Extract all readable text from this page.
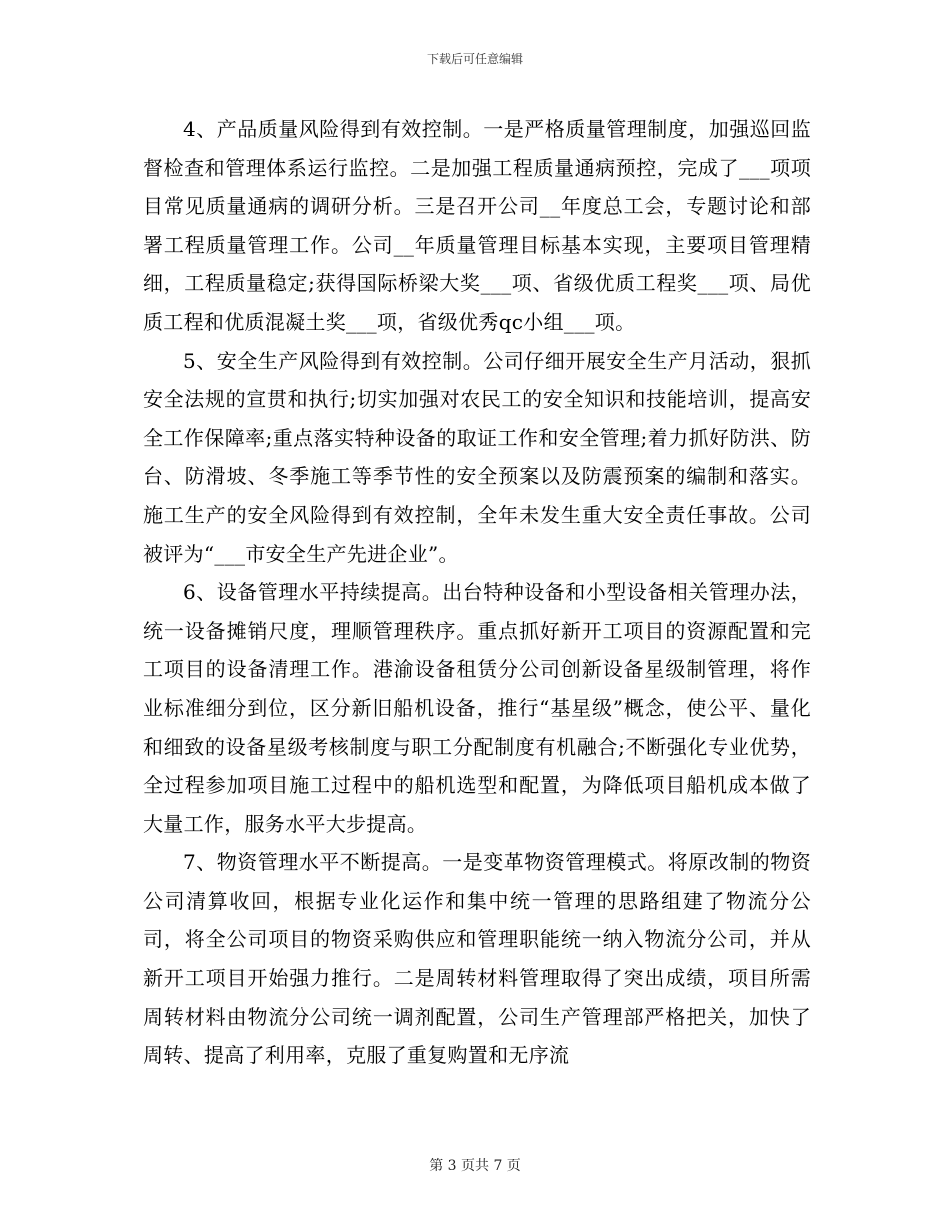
下载后可任意编辑

4、产品质量风险得到有效控制。一是严格质量管理制度，加强巡回监督检查和管理体系运行监控。二是加强工程质量通病预控，完成了___项项目常见质量通病的调研分析。三是召开公司__年度总工会，专题讨论和部署工程质量管理工作。公司__年质量管理目标基本实现，主要项目管理精细，工程质量稳定;获得国际桥梁大奖___项、省级优质工程奖___项、局优质工程和优质混凝土奖___项，省级优秀qc小组___项。

5、安全生产风险得到有效控制。公司仔细开展安全生产月活动，狠抓安全法规的宣贯和执行;切实加强对农民工的安全知识和技能培训，提高安全工作保障率;重点落实特种设备的取证工作和安全管理;着力抓好防洪、防台、防滑坡、冬季施工等季节性的安全预案以及防震预案的编制和落实。施工生产的安全风险得到有效控制，全年未发生重大安全责任事故。公司被评为“___市安全生产先进企业”。

6、设备管理水平持续提高。出台特种设备和小型设备相关管理办法，统一设备摊销尺度，理顺管理秩序。重点抓好新开工项目的资源配置和完工项目的设备清理工作。港渝设备租赁分公司创新设备星级制管理，将作业标准细分到位，区分新旧船机设备，推行“基星级”概念，使公平、量化和细致的设备星级考核制度与职工分配制度有机融合;不断强化专业优势，全过程参加项目施工过程中的船机选型和配置，为降低项目船机成本做了大量工作，服务水平大步提高。

7、物资管理水平不断提高。一是变革物资管理模式。将原改制的物资公司清算收回，根据专业化运作和集中统一管理的思路组建了物流分公司，将全公司项目的物资采购供应和管理职能统一纳入物流分公司，并从新开工项目开始强力推行。二是周转材料管理取得了突出成绩，项目所需周转材料由物流分公司统一调剂配置，公司生产管理部严格把关，加快了周转、提高了利用率，克服了重复购置和无序流

第 3 页共 7 页
